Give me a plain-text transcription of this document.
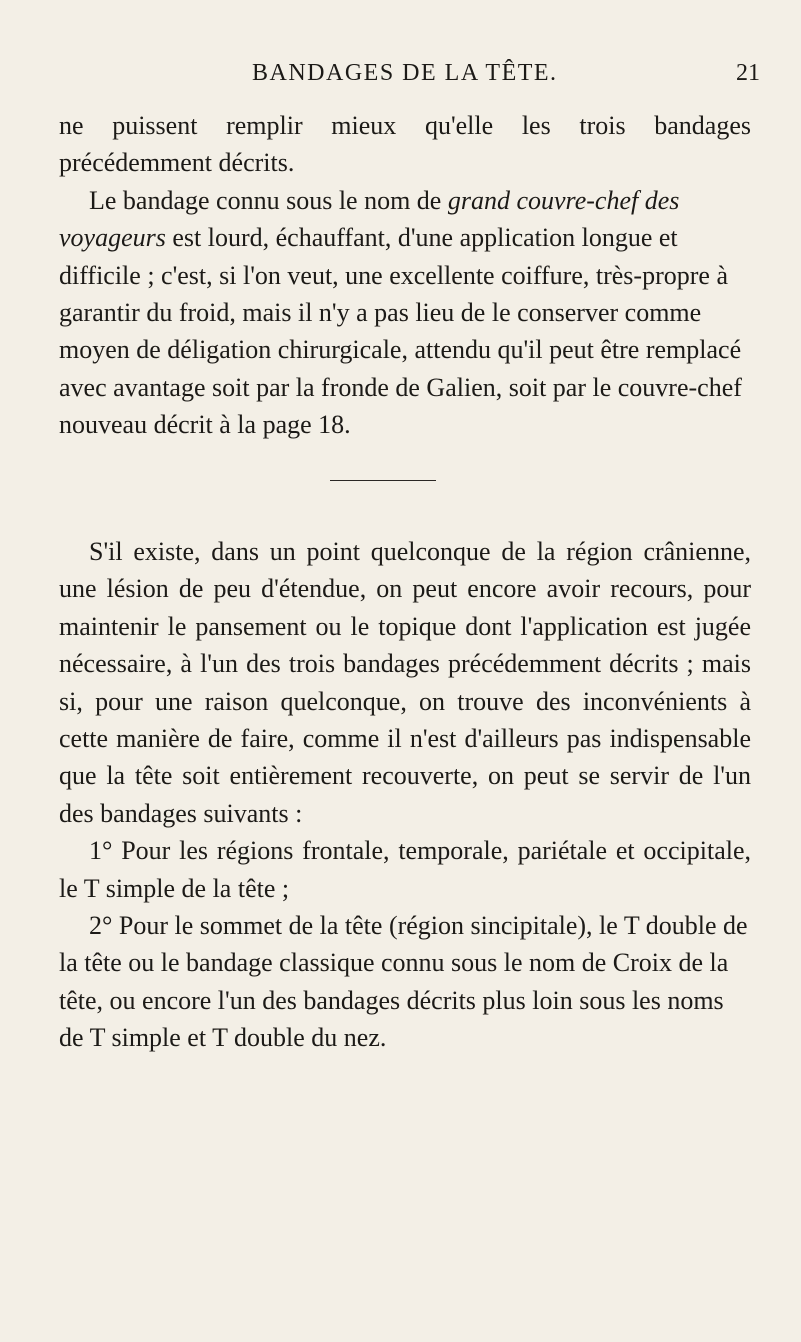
BANDAGES DE LA TÊTE.	21

ne puissent remplir mieux qu'elle les trois bandages précédemment décrits.

Le bandage connu sous le nom de grand couvre-chef des voyageurs est lourd, échauffant, d'une application longue et difficile ; c'est, si l'on veut, une excellente coiffure, très-propre à garantir du froid, mais il n'y a pas lieu de le conserver comme moyen de déligation chirurgicale, attendu qu'il peut être remplacé avec avantage soit par la fronde de Galien, soit par le couvre-chef nouveau décrit à la page 18.

S'il existe, dans un point quelconque de la région crânienne, une lésion de peu d'étendue, on peut encore avoir recours, pour maintenir le pansement ou le topique dont l'application est jugée nécessaire, à l'un des trois bandages précédemment décrits ; mais si, pour une raison quelconque, on trouve des inconvénients à cette manière de faire, comme il n'est d'ailleurs pas indispensable que la tête soit entièrement recouverte, on peut se servir de l'un des bandages suivants :

1° Pour les régions frontale, temporale, pariétale et occipitale, le T simple de la tête ;

2° Pour le sommet de la tête (région sincipitale), le T double de la tête ou le bandage classique connu sous le nom de Croix de la tête, ou encore l'un des bandages décrits plus loin sous les noms de T simple et T double du nez.
